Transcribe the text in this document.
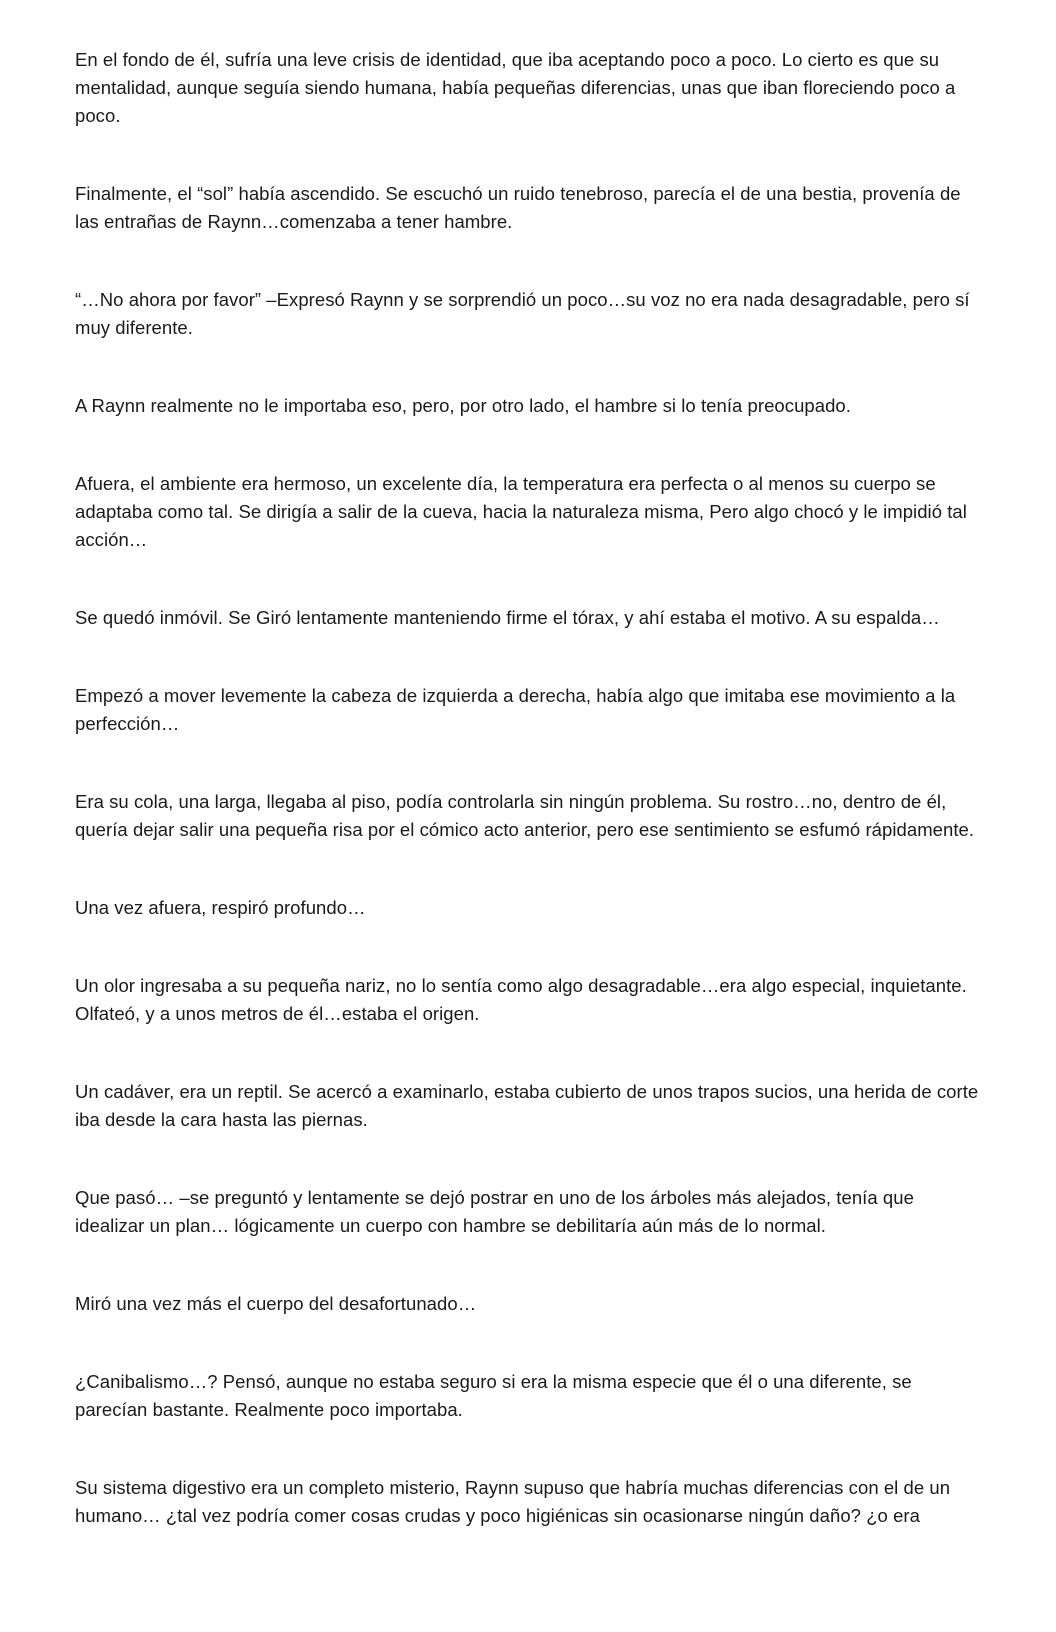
En el fondo de él, sufría una leve crisis de identidad, que iba aceptando poco a poco. Lo cierto es que su mentalidad, aunque seguía siendo humana, había pequeñas diferencias, unas que iban floreciendo poco a poco.

Finalmente, el “sol” había ascendido. Se escuchó un ruido tenebroso, parecía el de una bestia, provenía de las entrañas de Raynn…comenzaba a tener hambre.

“…No ahora por favor” –Expresó Raynn y se sorprendió un poco…su voz no era nada desagradable, pero sí muy diferente.

A Raynn realmente no le importaba eso, pero, por otro lado, el hambre si lo tenía preocupado.

Afuera, el ambiente era hermoso, un excelente día, la temperatura era perfecta o al menos su cuerpo se adaptaba como tal. Se dirigía a salir de la cueva, hacia la naturaleza misma, Pero algo chocó y le impidió tal acción…

Se quedó inmóvil. Se Giró lentamente manteniendo firme el tórax, y ahí estaba el motivo. A su espalda…

Empezó a mover levemente la cabeza de izquierda a derecha, había algo que imitaba ese movimiento a la perfección…

Era su cola, una larga, llegaba al piso, podía controlarla sin ningún problema. Su rostro…no, dentro de él, quería dejar salir una pequeña risa por el cómico acto anterior, pero ese sentimiento se esfumó rápidamente.

Una vez afuera, respiró profundo…

Un olor ingresaba a su pequeña nariz, no lo sentía como algo desagradable…era algo especial, inquietante. Olfateó, y a unos metros de él…estaba el origen.

Un cadáver, era un reptil. Se acercó a examinarlo, estaba cubierto de unos trapos sucios, una herida de corte iba desde la cara hasta las piernas.

Que pasó… –se preguntó y lentamente se dejó postrar en uno de los árboles más alejados, tenía que idealizar un plan… lógicamente un cuerpo con hambre se debilitaría aún más de lo normal.

Miró una vez más el cuerpo del desafortunado…

¿Canibalismo…? Pensó, aunque no estaba seguro si era la misma especie que él o una diferente, se parecían bastante. Realmente poco importaba.

Su sistema digestivo era un completo misterio, Raynn supuso que habría muchas diferencias con el de un humano… ¿tal vez podría comer cosas crudas y poco higiénicas sin ocasionarse ningún daño? ¿o era
